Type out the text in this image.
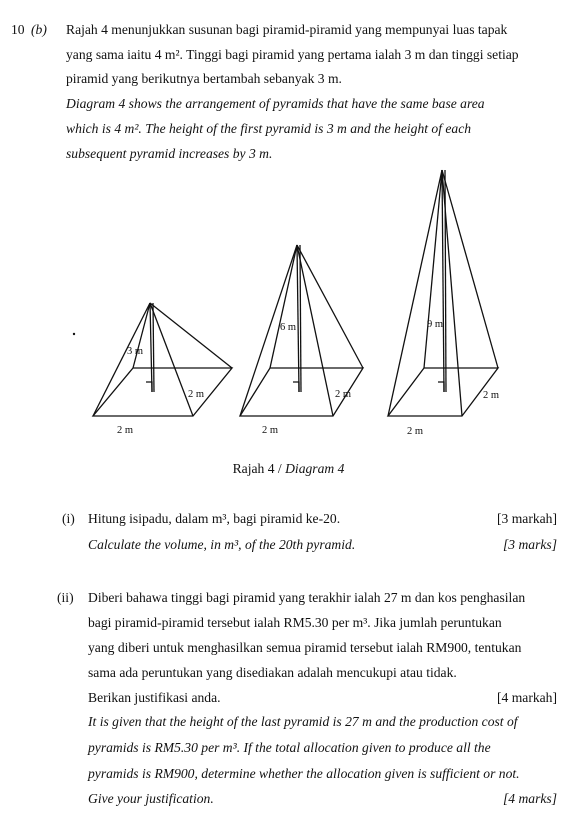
10 (b) Rajah 4 menunjukkan susunan bagi piramid-piramid yang mempunyai luas tapak
yang sama iaitu 4 m². Tinggi bagi piramid yang pertama ialah 3 m dan tinggi setiap
piramid yang berikutnya bertambah sebanyak 3 m.
Diagram 4 shows the arrangement of pyramids that have the same base area
which is 4 m². The height of the first pyramid is 3 m and the height of each
subsequent pyramid increases by 3 m.
3 m
2 m
2 m
6 m
2 m
2 m
9 m
2 m
2 m
Rajah 4 / Diagram 4
(i) Hitung isipadu, dalam m³, bagi piramid ke-20.	[3 markah]
Calculate the volume, in m³, of the 20th pyramid.	[3 marks]
(ii) Diberi bahawa tinggi bagi piramid yang terakhir ialah 27 m dan kos penghasilan
bagi piramid-piramid tersebut ialah RM5.30 per m³. Jika jumlah peruntukan
yang diberi untuk menghasilkan semua piramid tersebut ialah RM900, tentukan
sama ada peruntukan yang disediakan adalah mencukupi atau tidak.
Berikan justifikasi anda.	[4 markah]
It is given that the height of the last pyramid is 27 m and the production cost of
pyramids is RM5.30 per m³. If the total allocation given to produce all the
pyramids is RM900, determine whether the allocation given is sufficient or not.
Give your justification.	[4 marks]
